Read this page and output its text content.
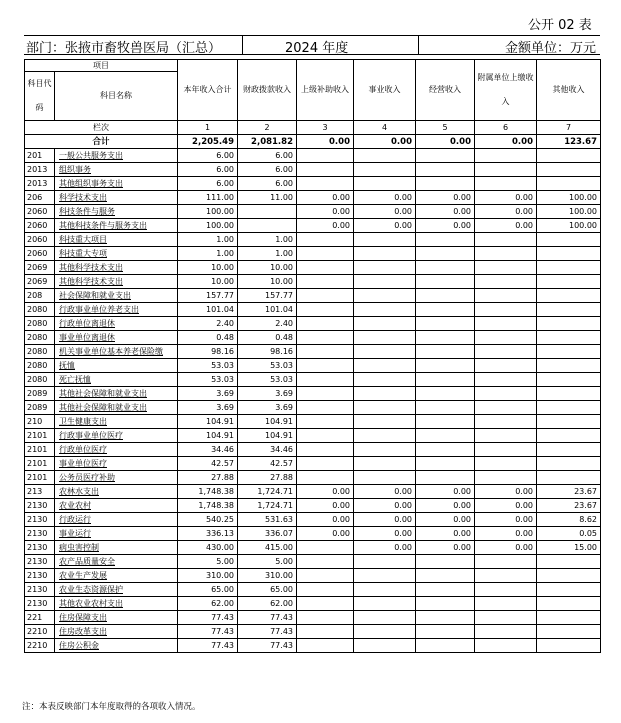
公开 02 表
部门：张掖市畜牧兽医局（汇总）	2024 年度	金额单位：万元
项目		本年收入合计	财政拨款收入	上级补助收入	事业收入	经营收入	附属单位上缴收入	其他收入
科目代码	科目名称							

栏次		1	2	3	4	5	6	7
合计		2,205.49	2,081.82	0.00	0.00	0.00	0.00	123.67
201	一般公共服务支出	6.00	6.00					
2013	组织事务	6.00	6.00					
2013	其他组织事务支出	6.00	6.00					
206	科学技术支出	111.00	11.00	0.00	0.00	0.00	0.00	100.00
2060	科技条件与服务	100.00		0.00	0.00	0.00	0.00	100.00
2060	其他科技条件与服务支出	100.00		0.00	0.00	0.00	0.00	100.00
2060	科技重大项目	1.00	1.00					
2060	科技重大专项	1.00	1.00					
2069	其他科学技术支出	10.00	10.00					
2069	其他科学技术支出	10.00	10.00					
208	社会保障和就业支出	157.77	157.77					
2080	行政事业单位养老支出	101.04	101.04					
2080	行政单位离退休	2.40	2.40					
2080	事业单位离退休	0.48	0.48					
2080	机关事业单位基本养老保险缴	98.16	98.16					
2080	抚恤	53.03	53.03					
2080	死亡抚恤	53.03	53.03					
2089	其他社会保障和就业支出	3.69	3.69					
2089	其他社会保障和就业支出	3.69	3.69					
210	卫生健康支出	104.91	104.91					
2101	行政事业单位医疗	104.91	104.91					
2101	行政单位医疗	34.46	34.46					
2101	事业单位医疗	42.57	42.57					
2101	公务员医疗补助	27.88	27.88					
213	农林水支出	1,748.38	1,724.71	0.00	0.00	0.00	0.00	23.67
2130	农业农村	1,748.38	1,724.71	0.00	0.00	0.00	0.00	23.67
2130	行政运行	540.25	531.63	0.00	0.00	0.00	0.00	8.62
2130	事业运行	336.13	336.07	0.00	0.00	0.00	0.00	0.05
2130	病虫害控制	430.00	415.00		0.00	0.00	0.00	15.00
2130	农产品质量安全	5.00	5.00					
2130	农业生产发展	310.00	310.00					
2130	农业生态资源保护	65.00	65.00					
2130	其他农业农村支出	62.00	62.00					
221	住房保障支出	77.43	77.43					
2210	住房改革支出	77.43	77.43					
2210	住房公积金	77.43	77.43					
注：本表反映部门本年度取得的各项收入情况。
